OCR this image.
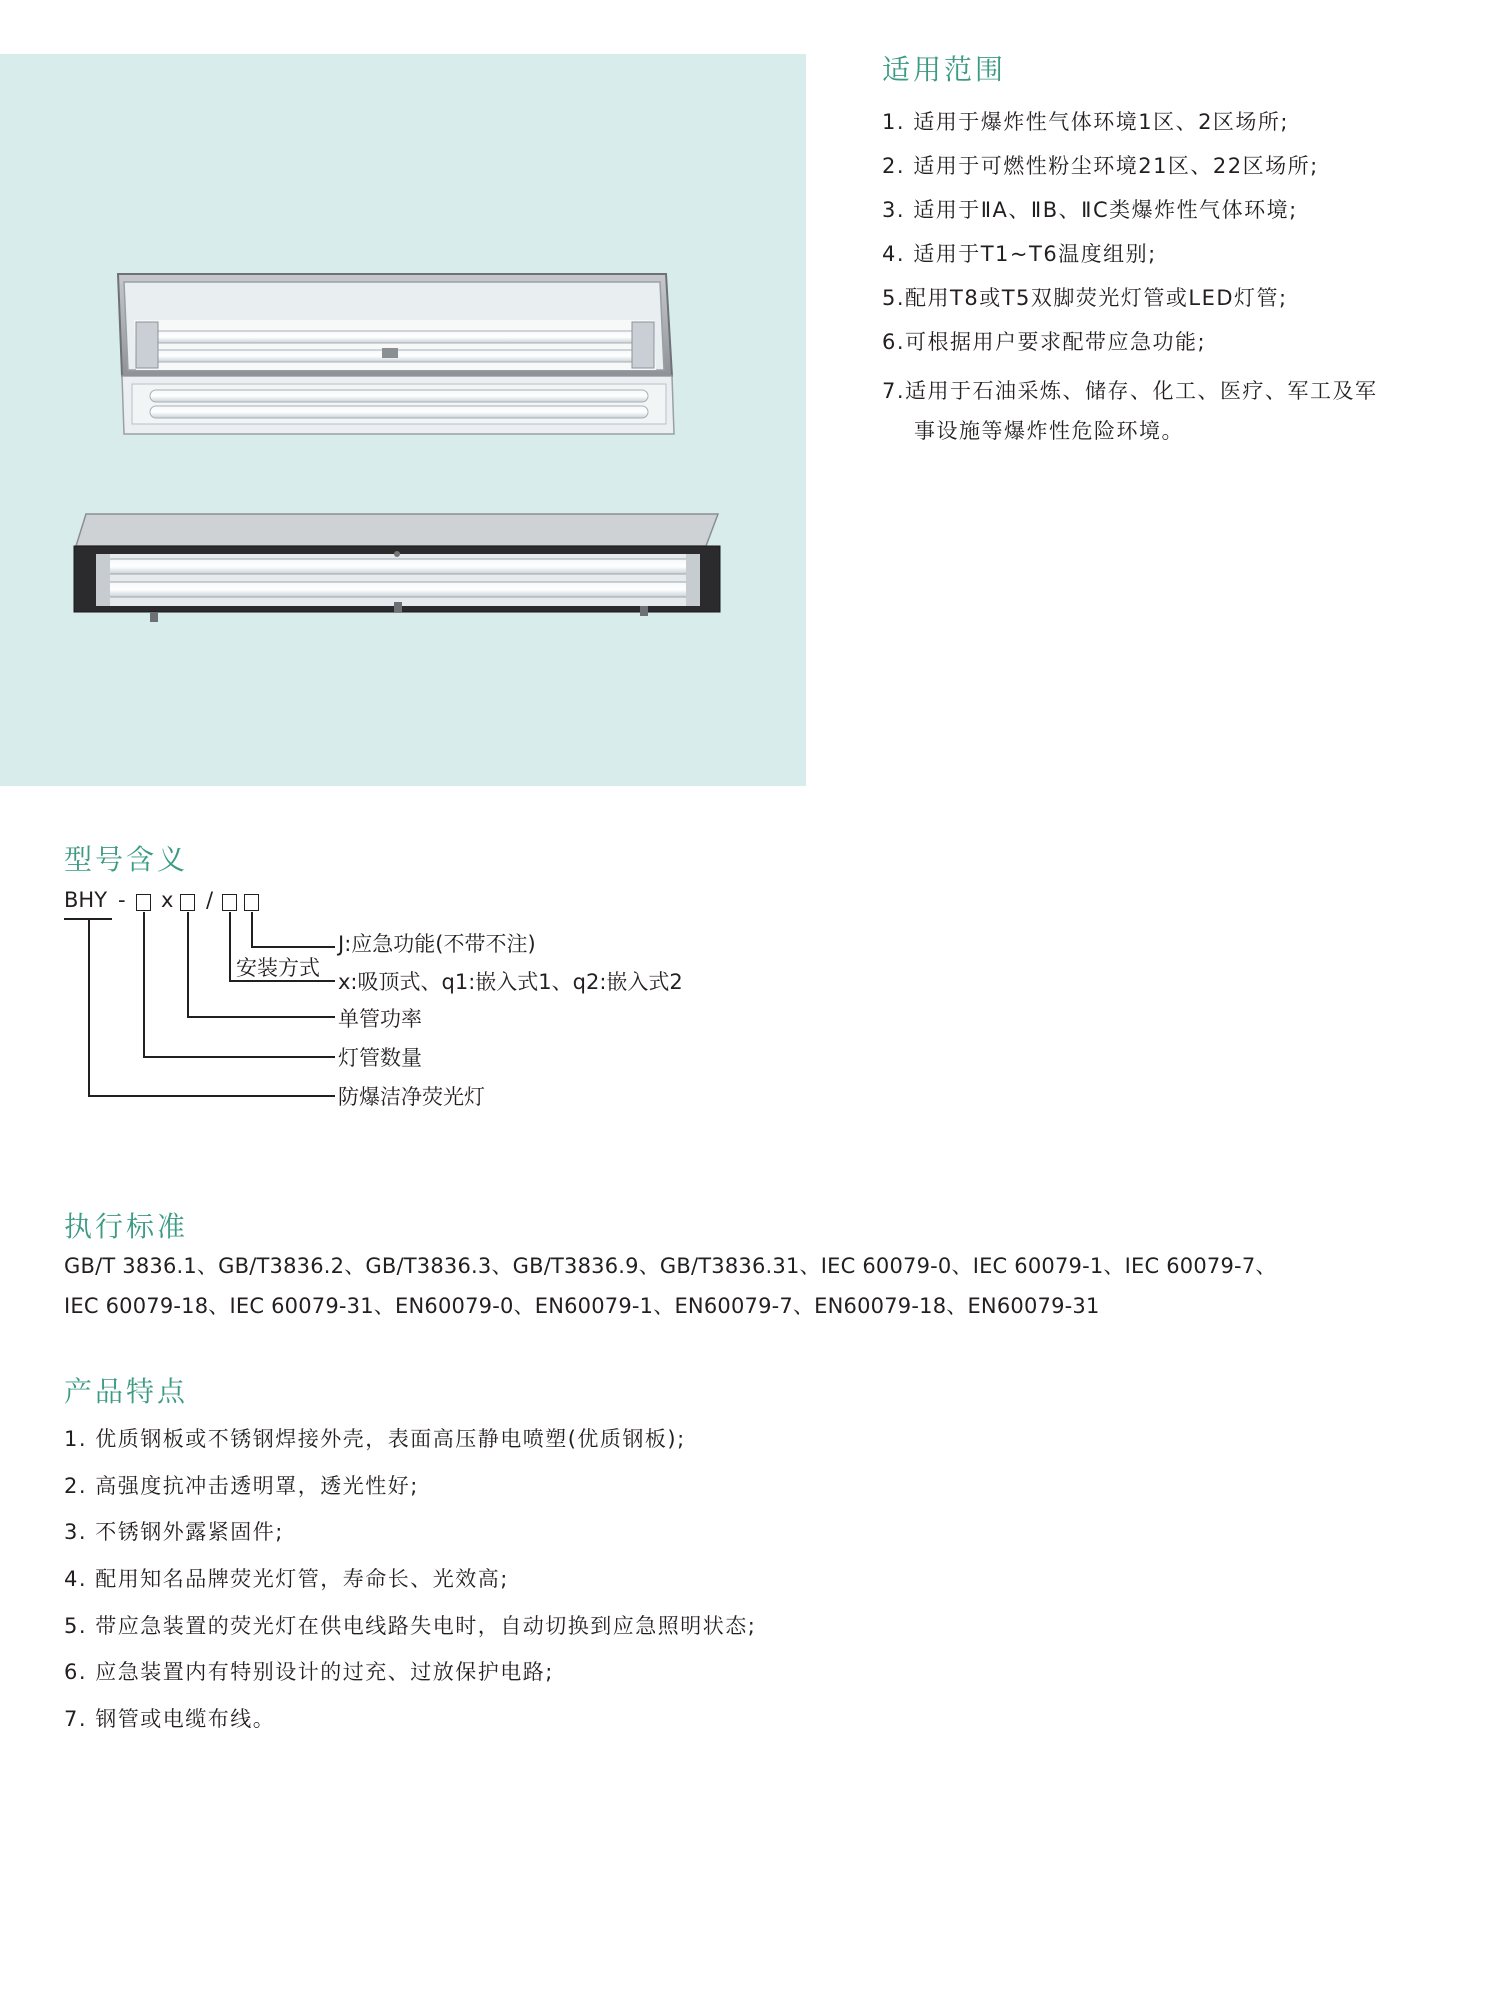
适用范围
1. 适用于爆炸性气体环境1区、2区场所;
2. 适用于可燃性粉尘环境21区、22区场所;
3. 适用于ⅡA、ⅡB、ⅡC类爆炸性气体环境;
4. 适用于T1~T6温度组别;
5.配用T8或T5双脚荧光灯管或LED灯管;
6.可根据用户要求配带应急功能;
7.适用于石油采炼、储存、化工、医疗、军工及军
事设施等爆炸性危险环境。
型号含义
BHY - x /
安装方式
J:应急功能(不带不注)
x:吸顶式、q1:嵌入式1、q2:嵌入式2
单管功率
灯管数量
防爆洁净荧光灯
执行标准
GB/T 3836.1、GB/T3836.2、GB/T3836.3、GB/T3836.9、GB/T3836.31、IEC 60079-0、IEC 60079-1、IEC 60079-7、
IEC 60079-18、IEC 60079-31、EN60079-0、EN60079-1、EN60079-7、EN60079-18、EN60079-31
产品特点
1. 优质钢板或不锈钢焊接外壳，表面高压静电喷塑(优质钢板);
2. 高强度抗冲击透明罩，透光性好;
3. 不锈钢外露紧固件;
4. 配用知名品牌荧光灯管，寿命长、光效高;
5. 带应急装置的荧光灯在供电线路失电时，自动切换到应急照明状态;
6. 应急装置内有特别设计的过充、过放保护电路;
7. 钢管或电缆布线。
